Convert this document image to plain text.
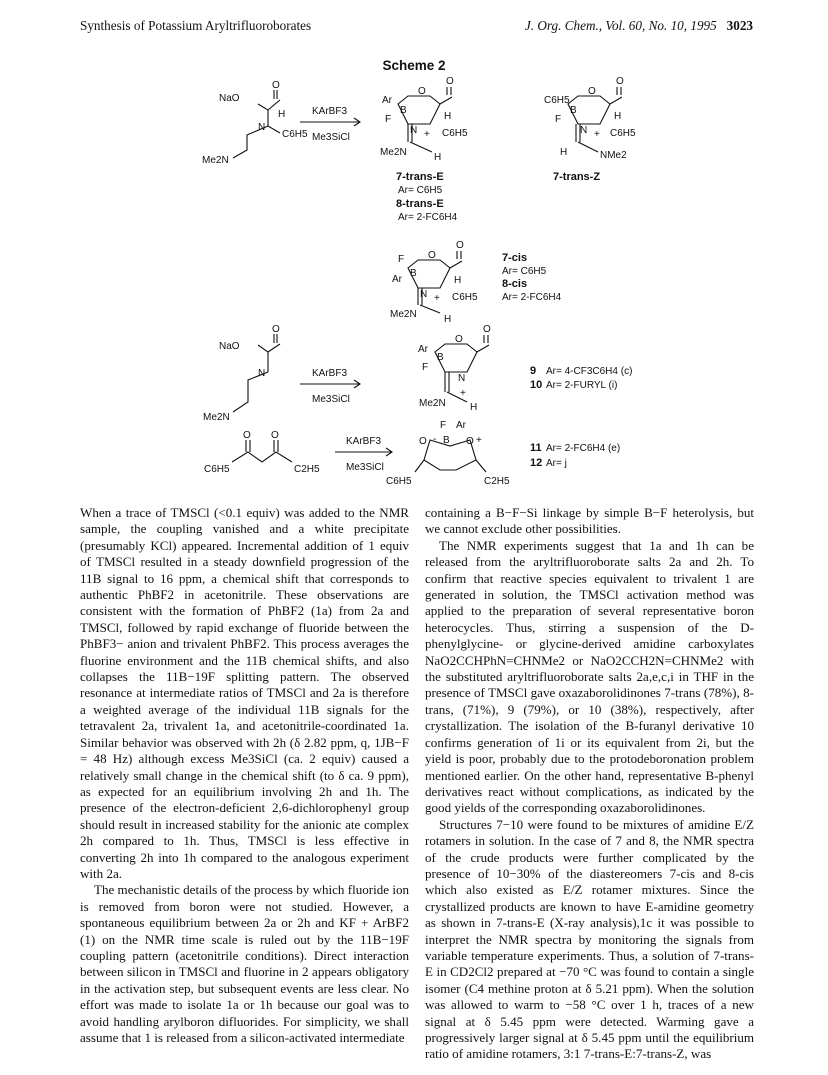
Synthesis of Potassium Aryltrifluoroborates	J. Org. Chem., Vol. 60, No. 10, 1995 3023
Scheme 2
NaO
O
H
N
C6H5
Me2N
KArBF3
Me3SiCl
Ar
O
O
B
F	H
N + C6H5
Me2N	H
C6H5
O
O
B
F	H
N + C6H5
H	NMe2
F O
O
B
Ar	H
N + C6H5
Me2N	H
NaO
O
N
Me2N
KArBF3
Me3SiCl
Ar
O
O
B
F
N
+
Me2N H
O O
C6H5	C2H5
KArBF3
Me3SiCl
F Ar
B
-
O	O +
C6H5	C2H5
7-trans-E
Ar= C6H5
8-trans-E
Ar= 2-FC6H4
7-trans-Z
7-cis
Ar= C6H5
8-cis
Ar= 2-FC6H4
9 Ar= 4-CF3C6H4 (c)
10 Ar= 2-FURYL (i)
11 Ar= 2-FC6H4 (e)
12 Ar= j

When a trace of TMSCl (<0.1 equiv) was added to the NMR sample, the coupling vanished and a white precipitate (presumably KCl) appeared. Incremental addition of 1 equiv of TMSCl resulted in a steady downfield progression of the 11B signal to 16 ppm, a chemical shift that corresponds to authentic PhBF2 in acetonitrile. These observations are consistent with the formation of PhBF2 (1a) from 2a and TMSCl, followed by rapid exchange of fluoride between the PhBF3− anion and trivalent PhBF2. This process averages the fluorine environment and the 11B chemical shifts, and also collapses the 11B−19F splitting pattern. The observed resonance at intermediate ratios of TMSCl and 2a is therefore a weighted average of the individual 11B signals for the tetravalent 2a, trivalent 1a, and acetonitrile-coordinated 1a. Similar behavior was observed with 2h (δ 2.82 ppm, q, 1JB−F = 48 Hz) although excess Me3SiCl (ca. 2 equiv) caused a relatively small change in the chemical shift (to δ ca. 9 ppm), as expected for an equilibrium involving 2h and 1h. The presence of the electron-deficient 2,6-dichlorophenyl group should result in increased stability for the anionic ate complex 2h compared to 1h. Thus, TMSCl is less effective in converting 2h into 1h compared to the analogous experiment with 2a.

The mechanistic details of the process by which fluoride ion is removed from boron were not studied. However, a spontaneous equilibrium between 2a or 2h and KF + ArBF2 (1) on the NMR time scale is ruled out by the 11B−19F coupling pattern (acetonitrile conditions). Direct interaction between silicon in TMSCl and fluorine in 2 appears obligatory in the activation step, but subsequent events are less clear. No effort was made to isolate 1a or 1h because our goal was to avoid handling arylboron difluorides. For simplicity, we shall assume that 1 is released from a silicon-activated intermediate

containing a B−F−Si linkage by simple B−F heterolysis, but we cannot exclude other possibilities.

The NMR experiments suggest that 1a and 1h can be released from the aryltrifluoroborate salts 2a and 2h. To confirm that reactive species equivalent to trivalent 1 are generated in solution, the TMSCl activation method was applied to the preparation of several representative boron heterocycles. Thus, stirring a suspension of the D-phenylglycine- or glycine-derived amidine carboxylates NaO2CCHPhN=CHNMe2 or NaO2CCH2N=CHNMe2 with the substituted aryltrifluoroborate salts 2a,e,c,i in THF in the presence of TMSCl gave oxazaborolidinones 7-trans (78%), 8-trans, (71%), 9 (79%), or 10 (38%), respectively, after crystallization. The isolation of the B-furanyl derivative 10 confirms generation of 1i or its equivalent from 2i, but the yield is poor, probably due to the protodeboronation problem mentioned earlier. On the other hand, representative B-phenyl derivatives react without complications, as indicated by the good yields of the corresponding oxazaborolidinones.

Structures 7−10 were found to be mixtures of amidine E/Z rotamers in solution. In the case of 7 and 8, the NMR spectra of the crude products were further complicated by the presence of 10−30% of the diastereomers 7-cis and 8-cis which also existed as E/Z rotamer mixtures. Since the crystallized products are known to have E-amidine geometry as shown in 7-trans-E (X-ray analysis),1c it was possible to interpret the NMR spectra by monitoring the signals from variable temperature experiments. Thus, a solution of 7-trans-E in CD2Cl2 prepared at −70 °C was found to contain a single isomer (C4 methine proton at δ 5.21 ppm). When the solution was allowed to warm to −58 °C over 1 h, traces of a new signal at δ 5.45 ppm were detected. Warming gave a progressively larger signal at δ 5.45 ppm until the equilibrium ratio of amidine rotamers, 3:1 7-trans-E:7-trans-Z, was
